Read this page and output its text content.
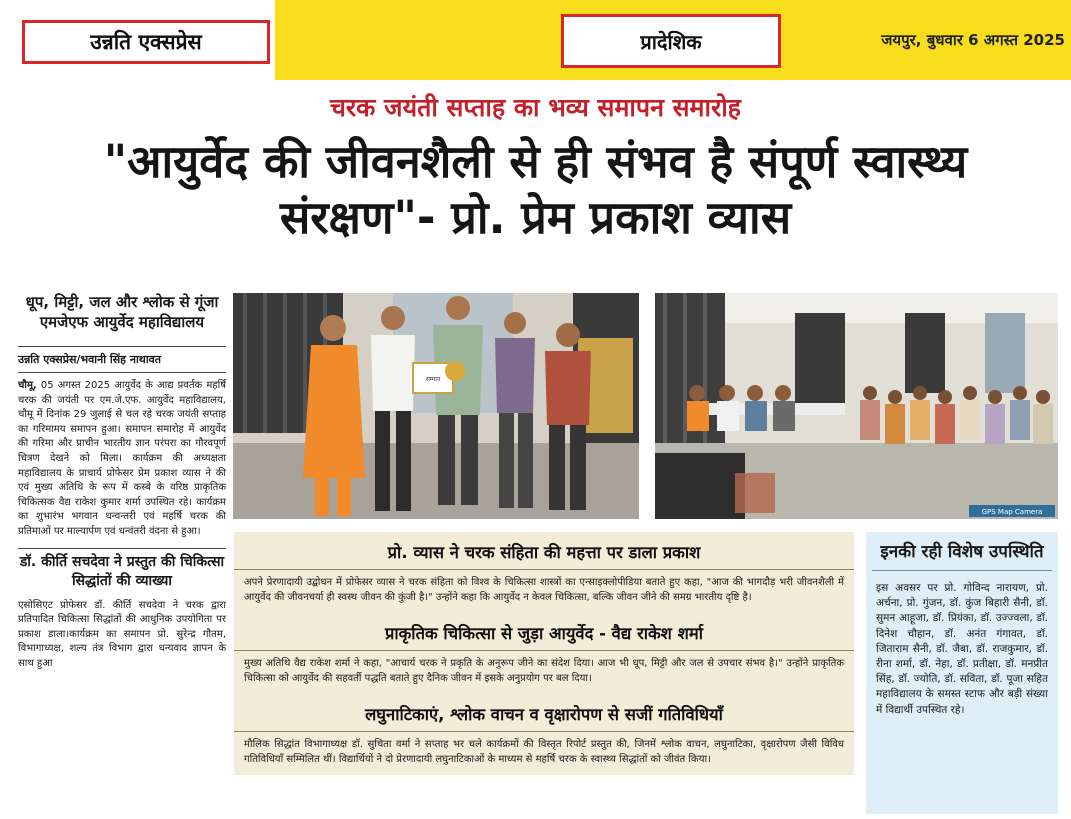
उन्नति एक्सप्रेस	प्रादेशिक	जयपुर, बुधवार 6 अगस्त 2025
चरक जयंती सप्ताह का भव्य समापन समारोह
"आयुर्वेद की जीवनशैली से ही संभव है संपूर्ण स्वास्थ्य संरक्षण"- प्रो. प्रेम प्रकाश व्यास
धूप, मिट्टी, जल और श्लोक से गूंजा एमजेएफ आयुर्वेद महाविद्यालय
उन्नति एक्सप्रेस/भवानी सिंह नाथावत
चौमू, 05 अगस्त 2025 आयुर्वेद के आद्य प्रवर्तक महर्षि चरक की जयंती पर एम.जे.एफ. आयुर्वेद महाविद्यालय, चौमू में दिनांक 29 जुलाई से चल रहे चरक जयंती सप्ताह का गरिमामय समापन हुआ। समापन समारोह में आयुर्वेद की गरिमा और प्राचीन भारतीय ज्ञान परंपरा का गौरवपूर्ण चित्रण देखने को मिला। कार्यक्रम की अध्यक्षता महाविद्यालय के प्राचार्य प्रोफेसर प्रेम प्रकाश व्यास ने की एवं मुख्य अतिथि के रूप में कस्बे के वरिष्ठ प्राकृतिक चिकित्सक वैद्य राकेश कुमार शर्मा उपस्थित रहे। कार्यक्रम का शुभारंभ भगवान धन्वन्तरी एवं महर्षि चरक की प्रतिमाओं पर माल्यार्पण एवं धन्वंतरी वंदना से हुआ।
डॉ. कीर्ति सचदेवा ने प्रस्तुत की चिकित्सा सिद्धांतों की व्याख्या
एसोसिएट प्रोफेसर डॉ. कीर्ति सचदेवा ने चरक द्वारा प्रतिपादित चिकित्सा सिद्धांतों की आधुनिक उपयोगिता पर प्रकाश डाला।कार्यक्रम का समापन प्रो. सुरेन्द्र गौतम, विभागाध्यक्ष, शल्य तंत्र विभाग द्वारा धन्यवाद ज्ञापन के साथ हुआ
सम्मान
GPS Map Camera
प्रो. व्यास ने चरक संहिता की महत्ता पर डाला प्रकाश
अपने प्रेरणादायी उद्बोधन में प्रोफेसर व्यास ने चरक संहिता को विश्व के चिकित्सा शास्त्रों का एन्साइक्लोपीडिया बताते हुए कहा, "आज की भागदौड़ भरी जीवनशैली में आयुर्वेद की जीवनचर्या ही स्वस्थ जीवन की कुंजी है।" उन्होंने कहा कि आयुर्वेद न केवल चिकित्सा, बल्कि जीवन जीने की समग्र भारतीय दृष्टि है।
प्राकृतिक चिकित्सा से जुड़ा आयुर्वेद - वैद्य राकेश शर्मा
मुख्य अतिथि वैद्य राकेश शर्मा ने कहा, "आचार्य चरक ने प्रकृति के अनुरूप जीने का संदेश दिया। आज भी धूप, मिट्टी और जल से उपचार संभव है।" उन्होंने प्राकृतिक चिकित्सा को आयुर्वेद की सहवर्ती पद्धति बताते हुए दैनिक जीवन में इसके अनुप्रयोग पर बल दिया।
लघुनाटिकाएं, श्लोक वाचन व वृक्षारोपण से सजीं गतिविधियाँ
मौलिक सिद्धांत विभागाध्यक्ष डॉ. सुचिता वर्मा ने सप्ताह भर चले कार्यक्रमों की विस्तृत रिपोर्ट प्रस्तुत की, जिनमें श्लोक वाचन, लघुनाटिका, वृक्षारोपण जैसी विविध गतिविधियाँ सम्मिलित थीं। विद्यार्थियों ने दो प्रेरणादायी लघुनाटिकाओं के माध्यम से महर्षि चरक के स्वास्थ्य सिद्धांतों को जीवंत किया।
इनकी रही विशेष उपस्थिति
इस अवसर पर प्रो. गोविन्द नारायण, प्रो. अर्चना, प्रो. गुंजन, डॉ. कुंज बिहारी सैनी, डॉ. सुमन आहूजा, डॉ. प्रियंका, डॉ. उज्ज्वला, डॉ. दिनेश चौहान, डॉ. अनंत गंगावत, डॉ. जिताराम सैनी, डॉ. जैबा, डॉ. राजकुमार, डॉ. रीना शर्मा, डॉ. नेहा, डॉ. प्रतीक्षा, डॉ. मनप्रीत सिंह, डॉ. ज्योति, डॉ. सविता, डॉ. पूजा सहित महाविद्यालय के समस्त स्टाफ और बड़ी संख्या में विद्यार्थी उपस्थित रहे।
